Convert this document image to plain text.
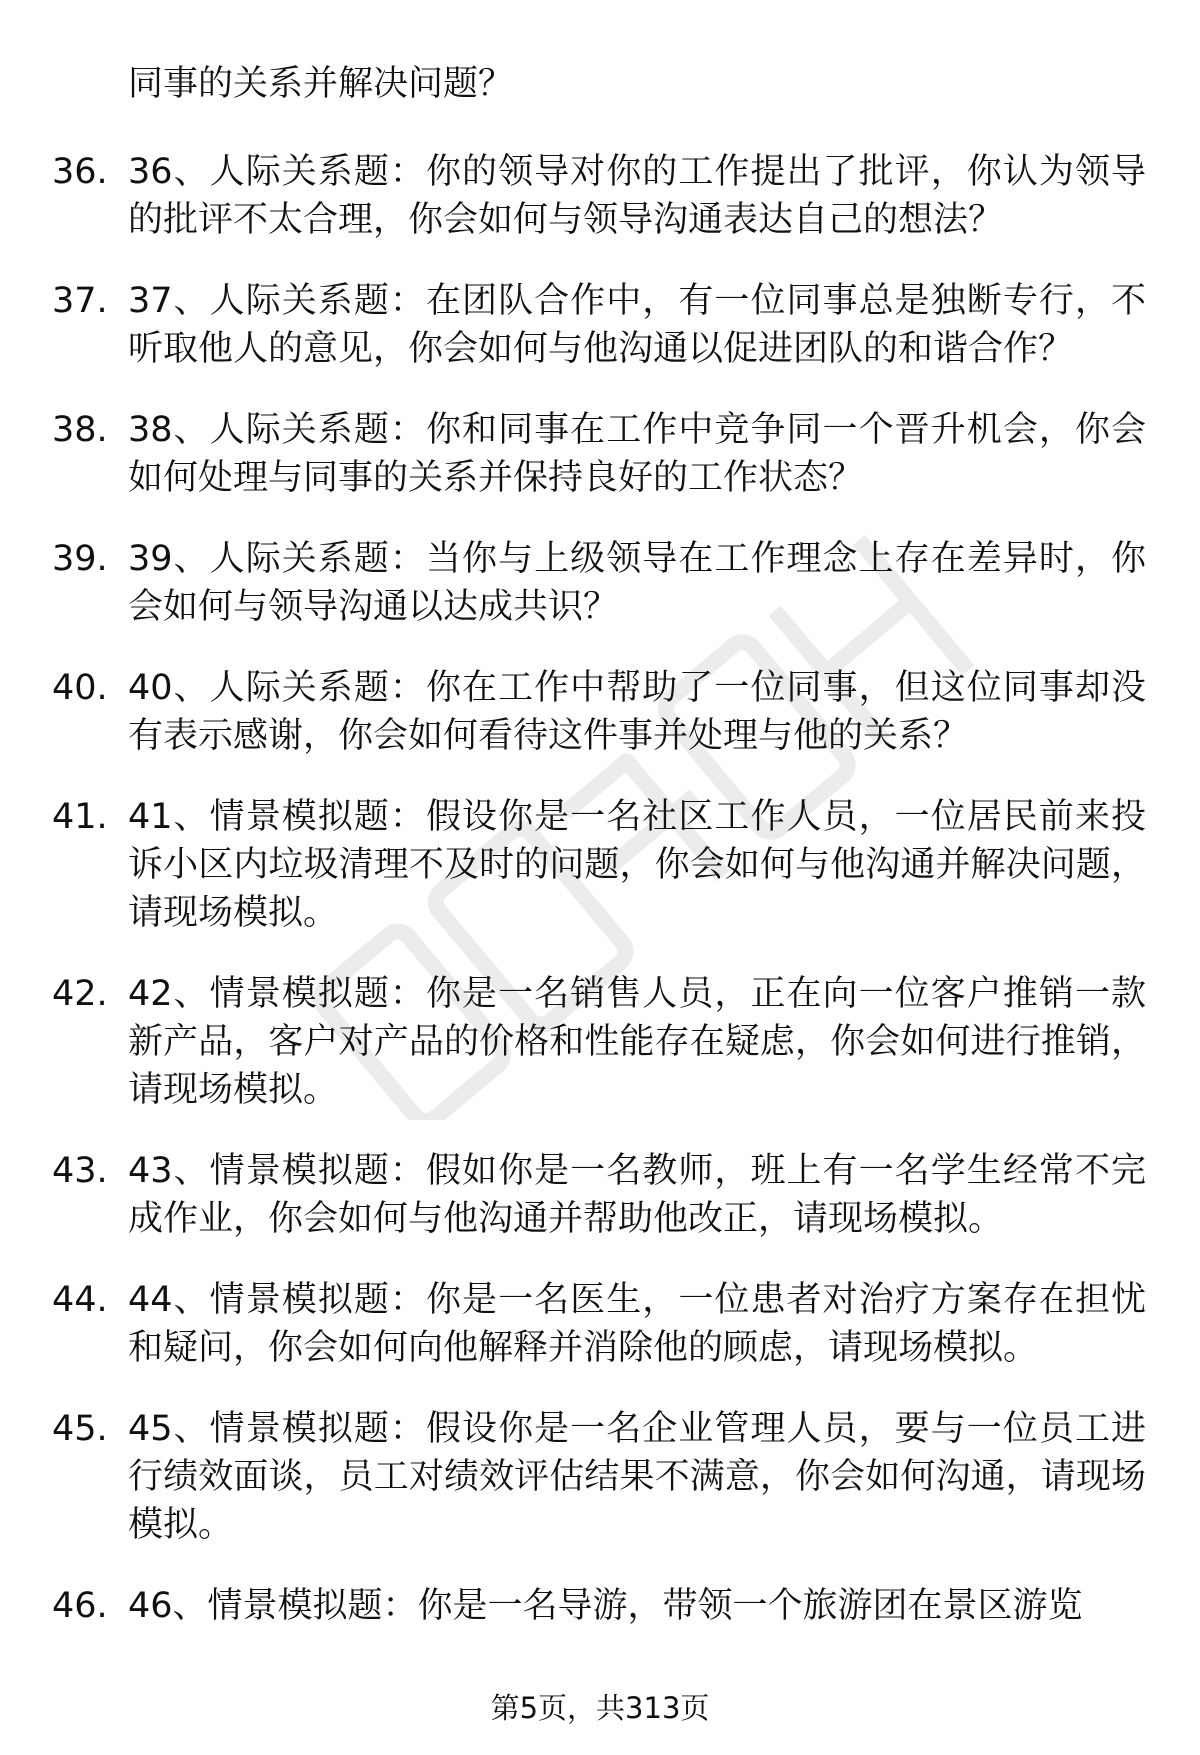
同事的关系并解决问题？

36. 36、人际关系题：你的领导对你的工作提出了批评，你认为领导的批评不太合理，你会如何与领导沟通表达自己的想法？
37. 37、人际关系题：在团队合作中，有一位同事总是独断专行，不听取他人的意见，你会如何与他沟通以促进团队的和谐合作？
38. 38、人际关系题：你和同事在工作中竞争同一个晋升机会，你会如何处理与同事的关系并保持良好的工作状态？
39. 39、人际关系题：当你与上级领导在工作理念上存在差异时，你会如何与领导沟通以达成共识？
40. 40、人际关系题：你在工作中帮助了一位同事，但这位同事却没有表示感谢，你会如何看待这件事并处理与他的关系？
41. 41、情景模拟题：假设你是一名社区工作人员，一位居民前来投诉小区内垃圾清理不及时的问题，你会如何与他沟通并解决问题，请现场模拟。
42. 42、情景模拟题：你是一名销售人员，正在向一位客户推销一款新产品，客户对产品的价格和性能存在疑虑，你会如何进行推销，请现场模拟。
43. 43、情景模拟题：假如你是一名教师，班上有一名学生经常不完成作业，你会如何与他沟通并帮助他改正，请现场模拟。
44. 44、情景模拟题：你是一名医生，一位患者对治疗方案存在担忧和疑问，你会如何向他解释并消除他的顾虑，请现场模拟。
45. 45、情景模拟题：假设你是一名企业管理人员，要与一位员工进行绩效面谈，员工对绩效评估结果不满意，你会如何沟通，请现场模拟。
46. 46、情景模拟题：你是一名导游，带领一个旅游团在景区游览
第5页，共313页
